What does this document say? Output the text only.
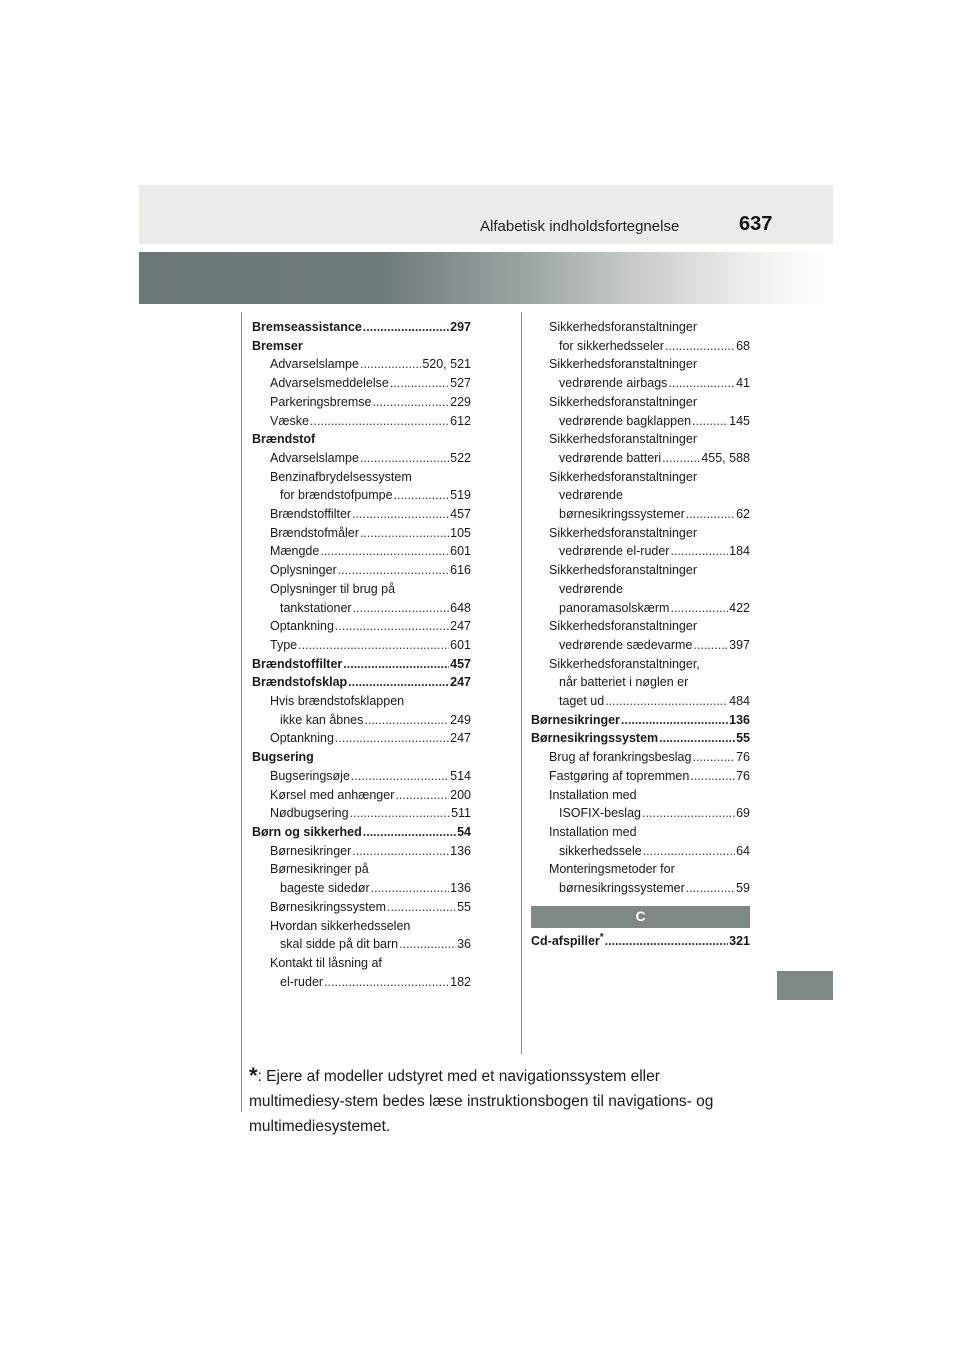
Alfabetisk indholdsfortegnelse	637
Bremseassistance .....	297
Bremser
Advarselslampe .....	520, 521
Advarselsmeddelelse .....	527
Parkeringsbremse .....	229
Væske .....	612
Brændstof
Advarselslampe .....	522
Benzinafbrydelsessystem
for brændstofpumpe .....	519
Brændstoffilter .....	457
Brændstofmåler .....	105
Mængde .....	601
Oplysninger .....	616
Oplysninger til brug på
tankstationer .....	648
Optankning .....	247
Type .....	601
Brændstoffilter .....	457
Brændstofsklap .....	247
Hvis brændstofsklappen
ikke kan åbnes .....	249
Optankning .....	247
Bugsering
Bugseringsøje .....	514
Kørsel med anhænger .....	200
Nødbugsering .....	511
Børn og sikkerhed .....	54
Børnesikringer .....	136
Børnesikringer på
bageste sidedør .....	136
Børnesikringssystem .....	55
Hvordan sikkerhedsselen
skal sidde på dit barn .....	36
Kontakt til låsning af
el-ruder .....	182
Sikkerhedsforanstaltninger
for sikkerhedsseler .....	68
Sikkerhedsforanstaltninger
vedrørende airbags .....	41
Sikkerhedsforanstaltninger
vedrørende bagklappen .....	145
Sikkerhedsforanstaltninger
vedrørende batteri .....	455, 588
Sikkerhedsforanstaltninger
vedrørende
børnesikringssystemer .....	62
Sikkerhedsforanstaltninger
vedrørende el-ruder .....	184
Sikkerhedsforanstaltninger
vedrørende
panoramasolskærm .....	422
Sikkerhedsforanstaltninger
vedrørende sædevarme .....	397
Sikkerhedsforanstaltninger,
når batteriet i nøglen er
taget ud .....	484
Børnesikringer .....	136
Børnesikringssystem .....	55
Brug af forankringsbeslag .....	76
Fastgøring af topremmen .....	76
Installation med
ISOFIX-beslag .....	69
Installation med
sikkerhedssele .....	64
Monteringsmetoder for
børnesikringssystemer .....	59
C
Cd-afspiller* .....	321
*: Ejere af modeller udstyret med et navigationssystem eller multimediesy-stem bedes læse instruktionsbogen til navigations- og multimediesystemet.
